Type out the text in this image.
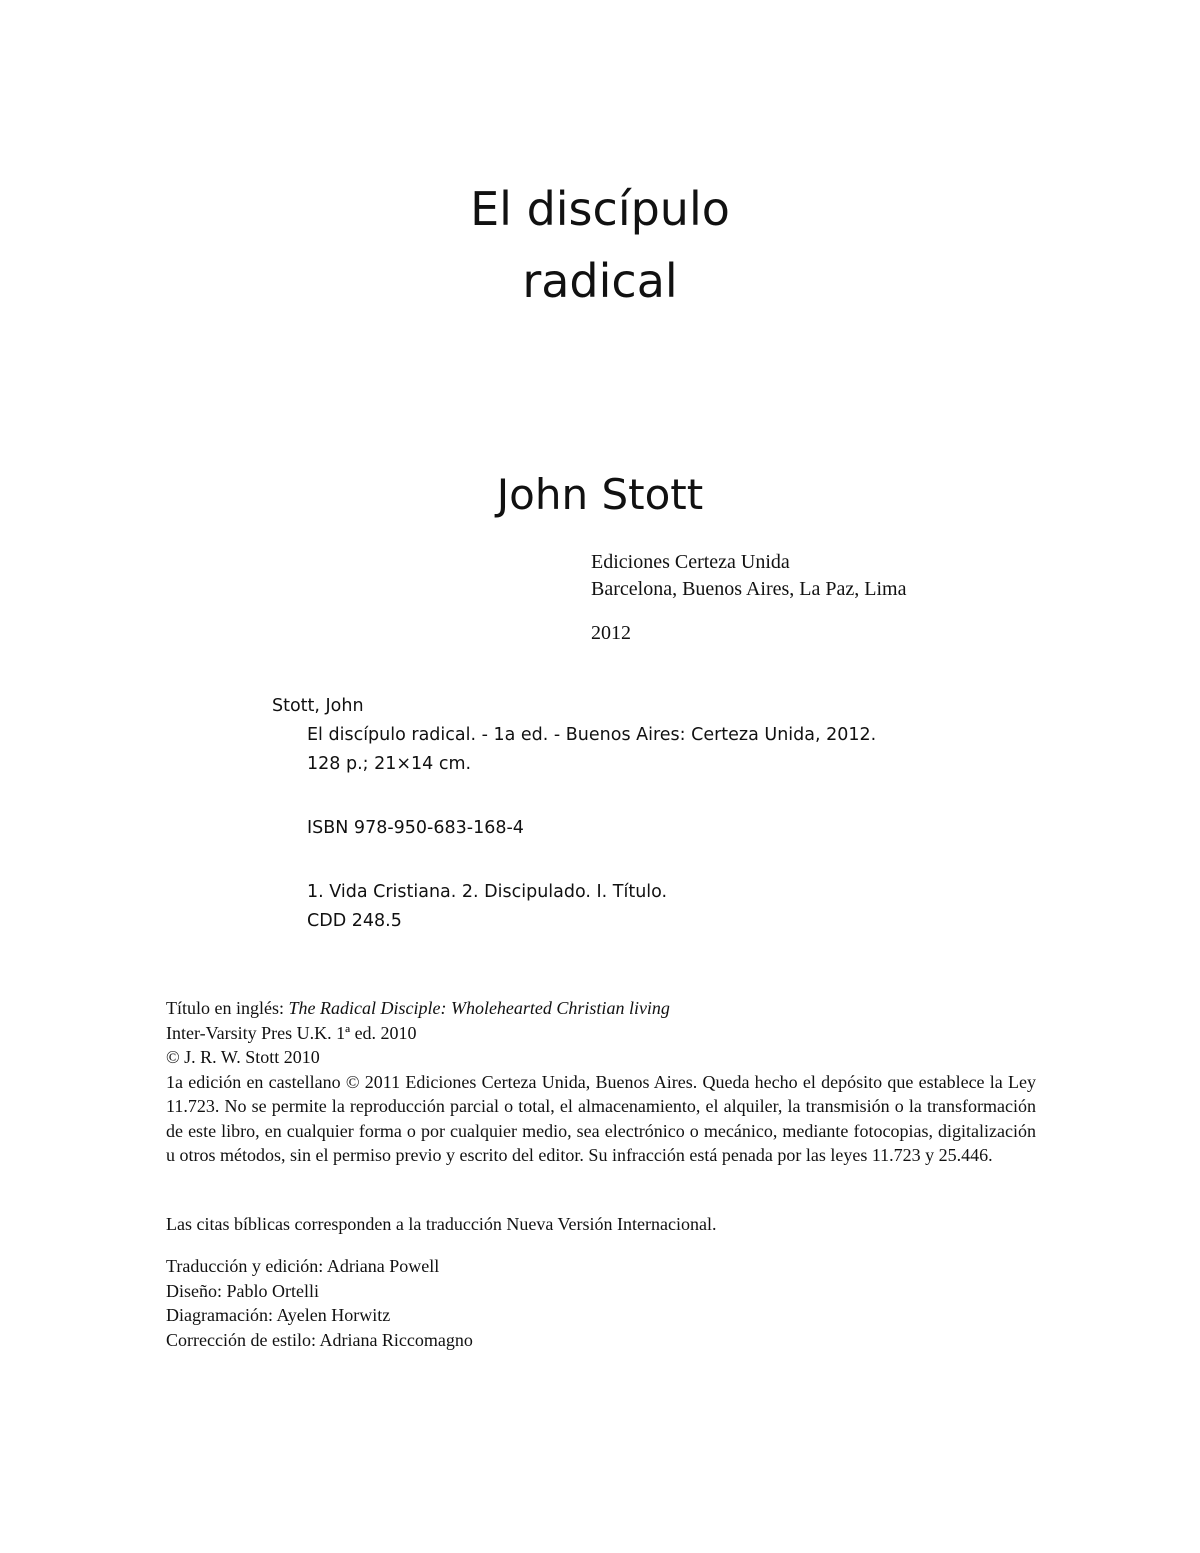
El discípulo
radical
John Stott
Ediciones Certeza Unida
Barcelona, Buenos Aires, La Paz, Lima
2012
Stott, John
El discípulo radical. - 1a ed. - Buenos Aires: Certeza Unida, 2012.
128 p.; 21×14 cm.
ISBN 978-950-683-168-4
1. Vida Cristiana. 2. Discipulado. I. Título.
CDD 248.5
Título en inglés: The Radical Disciple: Wholehearted Christian living
Inter-Varsity Pres U.K. 1ª ed. 2010
© J. R. W. Stott 2010
1a edición en castellano © 2011 Ediciones Certeza Unida, Buenos Aires. Queda hecho el depósito que establece la Ley 11.723. No se permite la reproducción parcial o total, el almacenamiento, el alquiler, la transmisión o la transformación de este libro, en cualquier forma o por cualquier medio, sea electrónico o mecánico, mediante fotocopias, digitalización u otros métodos, sin el permiso previo y escrito del editor. Su infracción está penada por las leyes 11.723 y 25.446.
Las citas bíblicas corresponden a la traducción Nueva Versión Internacional.
Traducción y edición: Adriana Powell
Diseño: Pablo Ortelli
Diagramación: Ayelen Horwitz
Corrección de estilo: Adriana Riccomagno
